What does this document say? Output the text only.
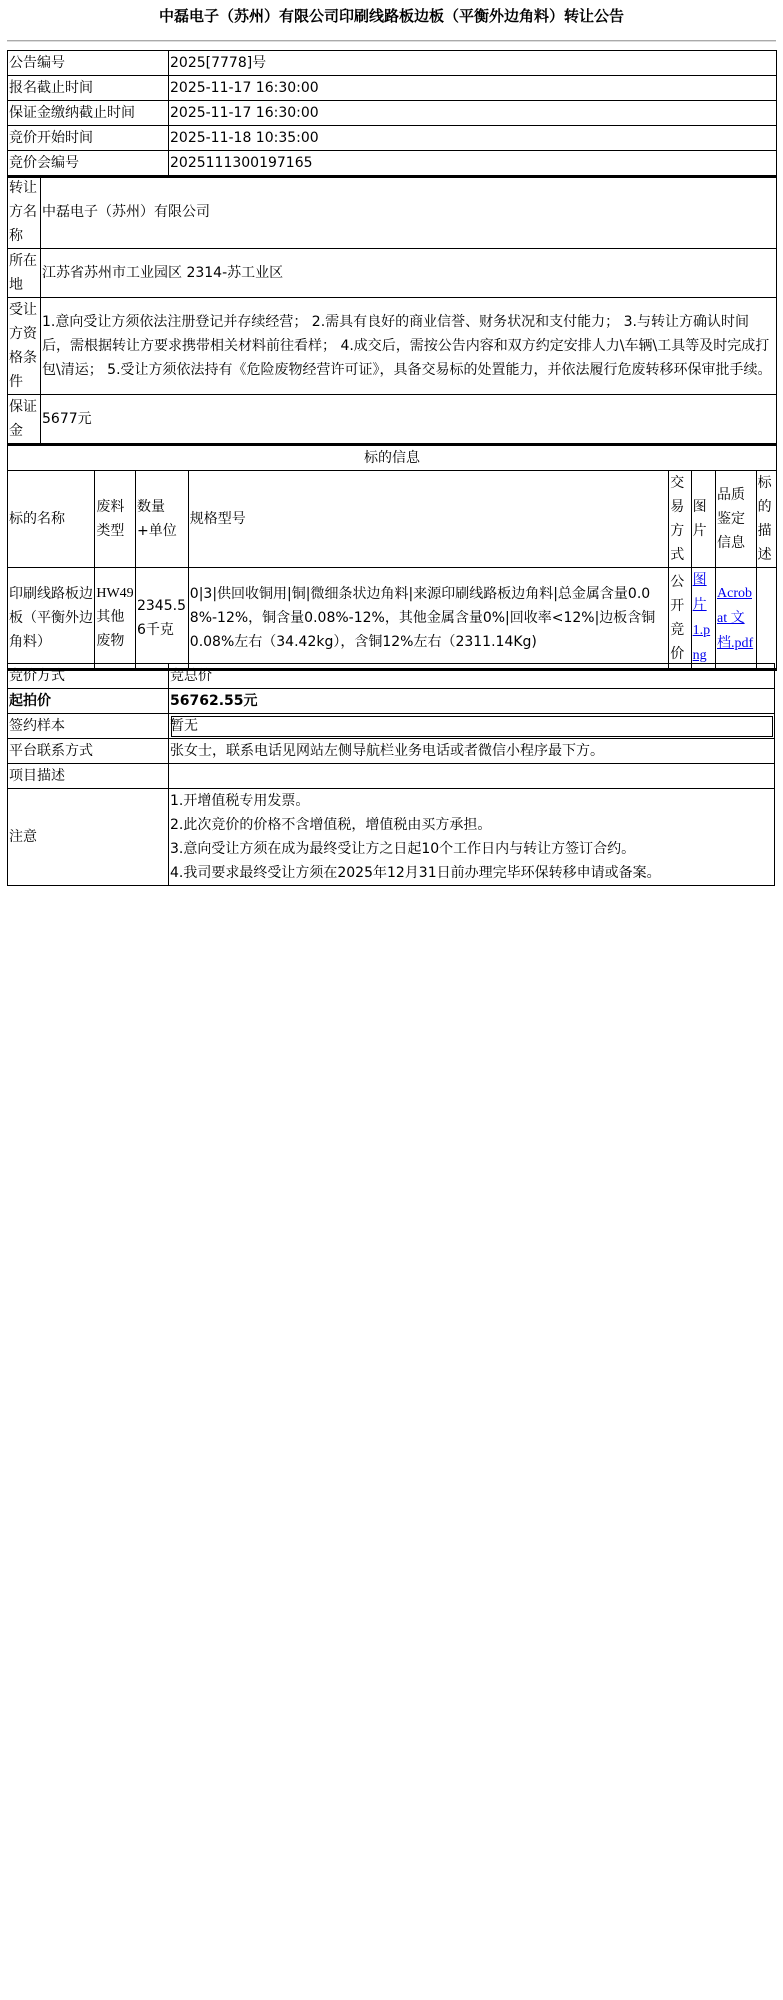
中磊电子（苏州）有限公司印刷线路板边板（平衡外边角料）转让公告
公告编号	2025[7778]号
报名截止时间	2025-11-17 16:30:00
保证金缴纳截止时间	2025-11-17 16:30:00
竞价开始时间	2025-11-18 10:35:00
竞价会编号	2025111300197165
转让方名称	中磊电子（苏州）有限公司
所在地	江苏省苏州市工业园区 2314-苏工业区
受让方资格条件	1.意向受让方须依法注册登记并存续经营； 2.需具有良好的商业信誉、财务状况和支付能力； 3.与转让方确认时间后，需根据转让方要求携带相关材料前往看样； 4.成交后，需按公告内容和双方约定安排人力\车辆\工具等及时完成打包\清运； 5.受让方须依法持有《危险废物经营许可证》，具备交易标的处置能力，并依法履行危废转移环保审批手续。
保证金	5677元
标的信息							
标的名称	废料类型	数量+单位	规格型号	交易方式	图片	品质鉴定信息	标的描述
印刷线路板边板（平衡外边角料）	HW49其他废物	2345.56千克	0|3|供回收铜用|铜|微细条状边角料|来源印刷线路板边角料|总金属含量0.08%-12%，铜含量0.08%-12%，其他金属含量0%|回收率<12%|边板含铜0.08%左右（34.42kg），含铜12%左右（2311.14Kg)	公开竞价	图片1.png	Acrobat 文档.pdf	
竞价方式	竞总价
起拍价	56762.55元
签约样本	暂无
平台联系方式	张女士，联系电话见网站左侧导航栏业务电话或者微信小程序最下方。
项目描述	
注意	1.开增值税专用发票。
2.此次竞价的价格不含增值税，增值税由买方承担。
3.意向受让方须在成为最终受让方之日起10个工作日内与转让方签订合约。
4.我司要求最终受让方须在2025年12月31日前办理完毕环保转移申请或备案。
